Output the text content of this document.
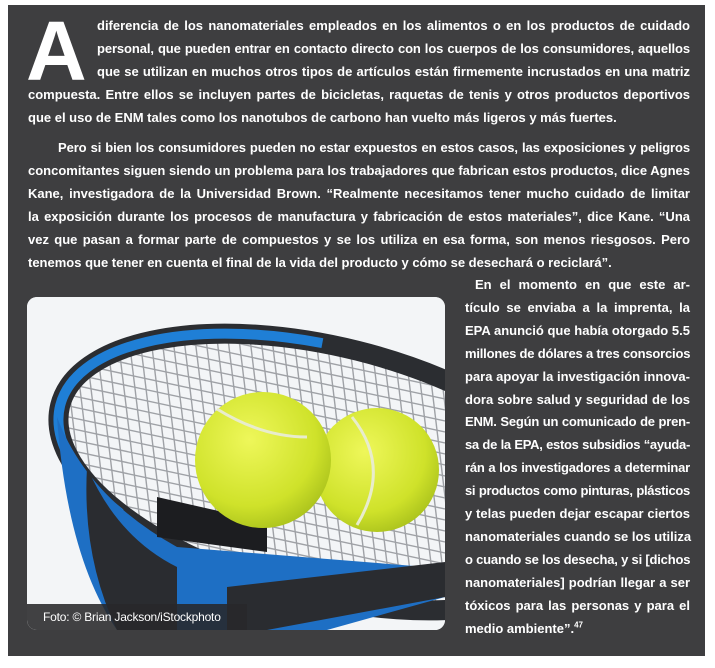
A diferencia de los nanomateriales empleados en los alimentos o en los productos de cuidado
personal, que pueden entrar en contacto directo con los cuerpos de los consumidores, aquellos
que se utilizan en muchos otros tipos de artículos están firmemente incrustados en una matriz
compuesta. Entre ellos se incluyen partes de bicicletas, raquetas de tenis y otros productos deportivos
que el uso de ENM tales como los nanotubos de carbono han vuelto más ligeros y más fuertes.
Pero si bien los consumidores pueden no estar expuestos en estos casos, las exposiciones y peligros
concomitantes siguen siendo un problema para los trabajadores que fabrican estos productos, dice Agnes
Kane, investigadora de la Universidad Brown. “Realmente necesitamos tener mucho cuidado de limitar
la exposición durante los procesos de manufactura y fabricación de estos materiales”, dice Kane. “Una
vez que pasan a formar parte de compuestos y se los utiliza en esa forma, son menos riesgosos. Pero
tenemos que tener en cuenta el final de la vida del producto y cómo se desechará o reciclará”.
En el momento en que este ar-
tículo se enviaba a la imprenta, la
EPA anunció que había otorgado 5.5
millones de dólares a tres consorcios
para apoyar la investigación innova-
dora sobre salud y seguridad de los
ENM. Según un comunicado de pren-
sa de la EPA, estos subsidios “ayuda-
rán a los investigadores a determinar
si productos como pinturas, plásticos
y telas pueden dejar escapar ciertos
nanomateriales cuando se los utiliza
o cuando se los desecha, y si [dichos
nanomateriales] podrían llegar a ser
tóxicos para las personas y para el
medio ambiente”.$^{47}$
Foto: © Brian Jackson/iStockphoto
